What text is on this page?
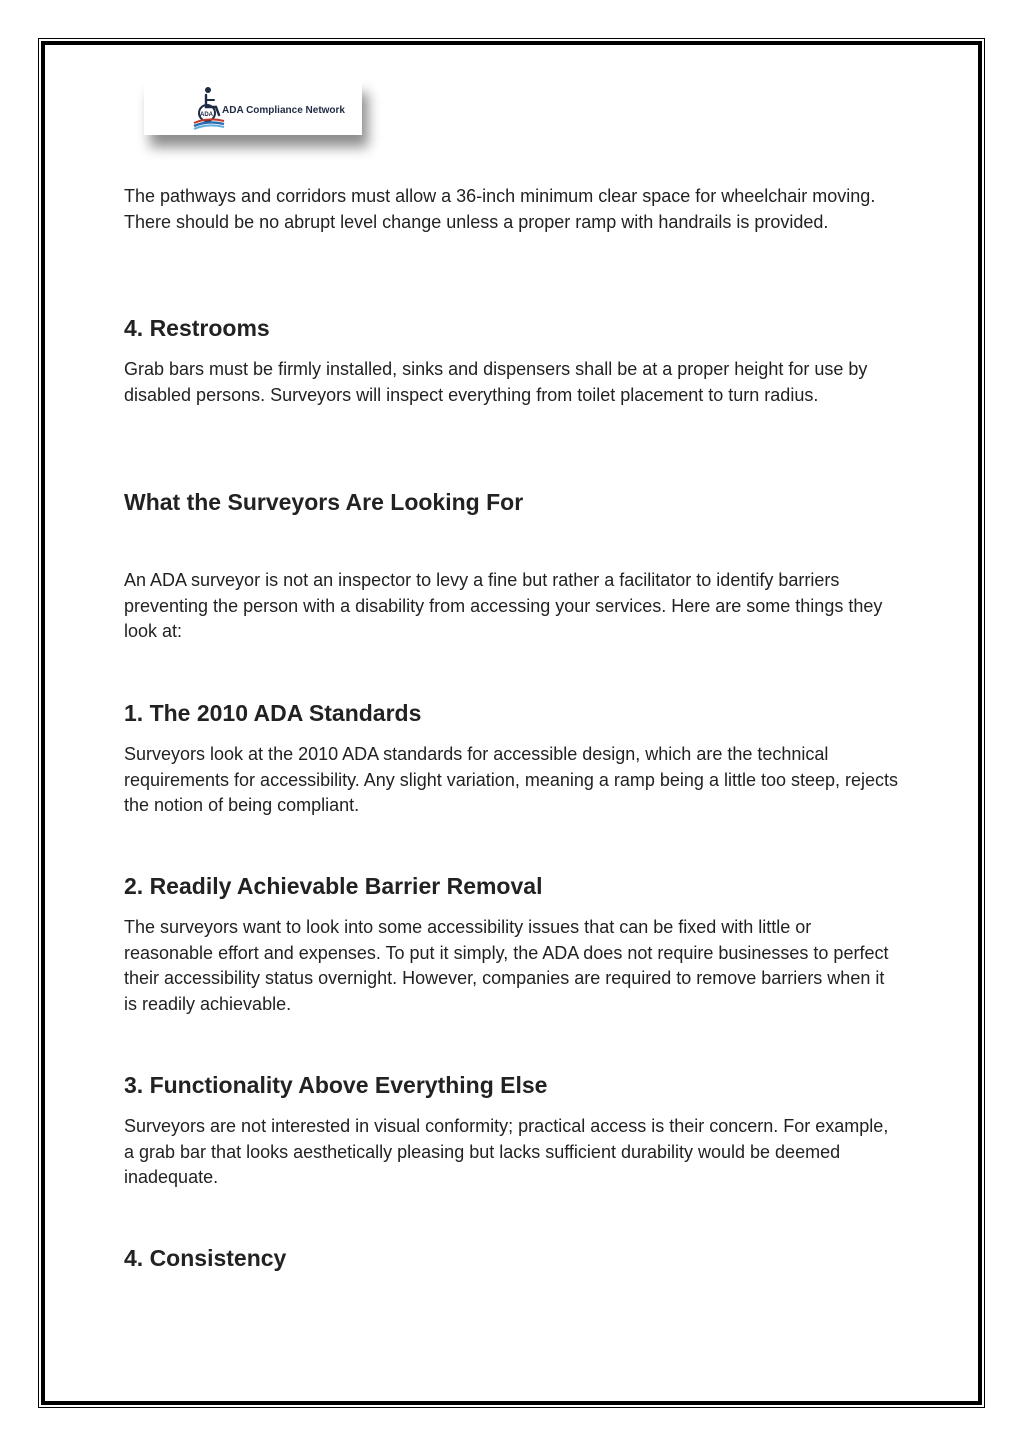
ADA ADA Compliance Network

The pathways and corridors must allow a 36-inch minimum clear space for wheelchair moving. There should be no abrupt level change unless a proper ramp with handrails is provided.

4. Restrooms

Grab bars must be firmly installed, sinks and dispensers shall be at a proper height for use by disabled persons. Surveyors will inspect everything from toilet placement to turn radius.

What the Surveyors Are Looking For

An ADA surveyor is not an inspector to levy a fine but rather a facilitator to identify barriers preventing the person with a disability from accessing your services. Here are some things they look at:

1. The 2010 ADA Standards

Surveyors look at the 2010 ADA standards for accessible design, which are the technical requirements for accessibility. Any slight variation, meaning a ramp being a little too steep, rejects the notion of being compliant.

2. Readily Achievable Barrier Removal

The surveyors want to look into some accessibility issues that can be fixed with little or reasonable effort and expenses. To put it simply, the ADA does not require businesses to perfect their accessibility status overnight. However, companies are required to remove barriers when it is readily achievable.

3. Functionality Above Everything Else

Surveyors are not interested in visual conformity; practical access is their concern. For example, a grab bar that looks aesthetically pleasing but lacks sufficient durability would be deemed inadequate.

4. Consistency
